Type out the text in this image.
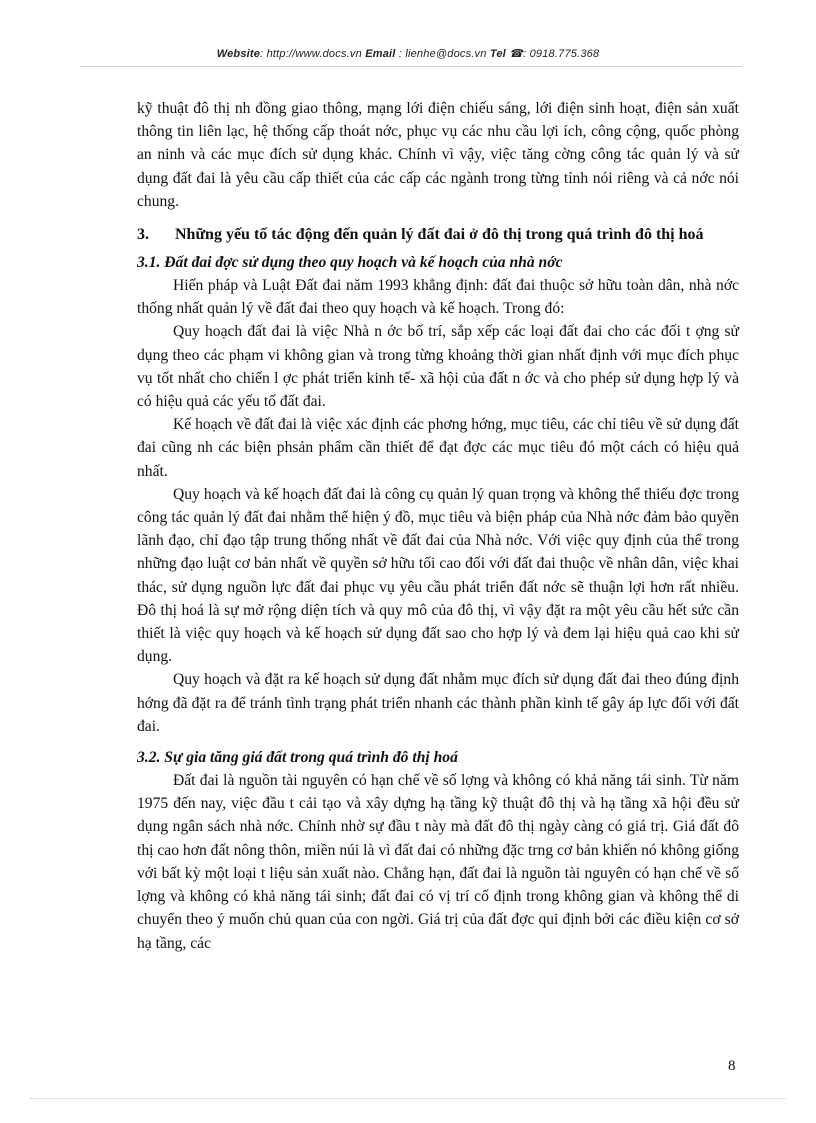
Website: http://www.docs.vn Email : lienhe@docs.vn Tel ☎: 0918.775.368

kỹ thuật đô thị nh đồng giao thông, mạng lới điện chiếu sáng, lới điện sinh hoạt, điện sản xuất thông tin liên lạc, hệ thống cấp thoát nớc, phục vụ các nhu cầu lợi ích, công cộng, quốc phòng an ninh và các mục đích sử dụng khác. Chính vì vậy, việc tăng cờng công tác quản lý và sử dụng đất đai là yêu cầu cấp thiết của các cấp các ngành trong từng tỉnh nói riêng và cả nớc nói chung.

3.	Những yếu tố tác động đến quản lý đất đai ở đô thị trong quá trình đô thị hoá

3.1. Đất đai đợc sử dụng theo quy hoạch và kế hoạch của nhà nớc

Hiến pháp và Luật Đất đai năm 1993 khẳng định: đất đai thuộc sở hữu toàn dân, nhà nớc thống nhất quản lý về đất đai theo quy hoạch và kế hoạch. Trong đó:

Quy hoạch đất đai là việc Nhà n ớc bố trí, sắp xếp các loại đất đai cho các đối t ợng sử dụng theo các phạm vi không gian và trong từng khoảng thời gian nhất định với mục đích phục vụ tốt nhất cho chiến l ợc phát triển kinh tế- xã hội của đất n ớc và cho phép sử dụng hợp lý và có hiệu quả các yếu tố đất đai.

Kế hoạch về đất đai là việc xác định các phơng hớng, mục tiêu, các chỉ tiêu về sử dụng đất đai cũng nh các biện phsản phẩm cần thiết để đạt đợc các mục tiêu đó một cách có hiệu quả nhất.

Quy hoạch và kế hoạch đất đai là công cụ quản lý quan trọng và không thể thiếu đợc trong công tác quản lý đất đai nhằm thể hiện ý đồ, mục tiêu và biện pháp của Nhà nớc đảm bảo quyền lãnh đạo, chỉ đạo tập trung thống nhất về đất đai của Nhà nớc. Với việc quy định của thể trong những đạo luật cơ bản nhất về quyền sở hữu tối cao đối với đất đai thuộc về nhân dân, việc khai thác, sử dụng nguồn lực đất đai phục vụ yêu cầu phát triển đất nớc sẽ thuận lợi hơn rất nhiều. Đô thị hoá là sự mở rộng diện tích và quy mô của đô thị, vì vậy đặt ra một yêu cầu hết sức cần thiết là việc quy hoạch và kế hoạch sử dụng đất sao cho hợp lý và đem lại hiệu quả cao khi sử dụng.

Quy hoạch và đặt ra kế hoạch sử dụng đất nhằm mục đích sử dụng đất đai theo đúng định hớng đã đặt ra để tránh tình trạng phát triển nhanh các thành phần kinh tế gây áp lực đối với đất đai.

3.2. Sự gia tăng giá đất trong quá trình đô thị hoá

Đất đai là nguồn tài nguyên có hạn chế về số lợng và không có khả năng tái sinh. Từ năm 1975 đến nay, việc đầu t cải tạo và xây dựng hạ tầng kỹ thuật đô thị và hạ tầng xã hội đều sử dụng ngân sách nhà nớc. Chính nhờ sự đầu t này mà đất đô thị ngày càng có giá trị. Giá đất đô thị cao hơn đất nông thôn, miền núi là vì đất đai có những đặc trng cơ bản khiến nó không giống với bất kỳ một loại t liệu sản xuất nào. Chẳng hạn, đất đai là nguồn tài nguyên có hạn chế về số lợng và không có khả năng tái sinh; đất đai có vị trí cố định trong không gian và không thể di chuyển theo ý muốn chủ quan của con ngời. Giá trị của đất đợc qui định bởi các điều kiện cơ sở hạ tầng, các

8
